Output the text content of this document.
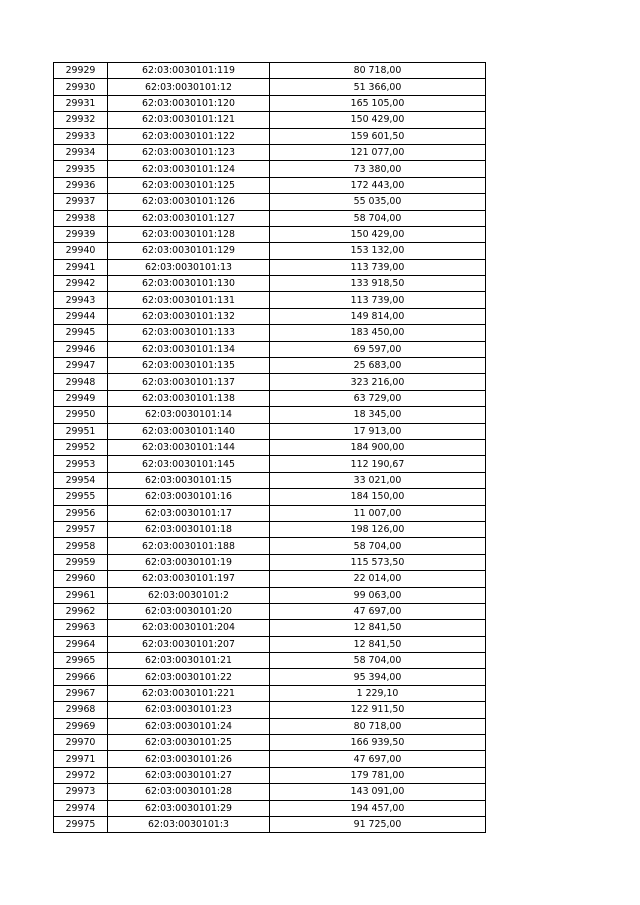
29929	62:03:0030101:119	80 718,00
29930	62:03:0030101:12	51 366,00
29931	62:03:0030101:120	165 105,00
29932	62:03:0030101:121	150 429,00
29933	62:03:0030101:122	159 601,50
29934	62:03:0030101:123	121 077,00
29935	62:03:0030101:124	73 380,00
29936	62:03:0030101:125	172 443,00
29937	62:03:0030101:126	55 035,00
29938	62:03:0030101:127	58 704,00
29939	62:03:0030101:128	150 429,00
29940	62:03:0030101:129	153 132,00
29941	62:03:0030101:13	113 739,00
29942	62:03:0030101:130	133 918,50
29943	62:03:0030101:131	113 739,00
29944	62:03:0030101:132	149 814,00
29945	62:03:0030101:133	183 450,00
29946	62:03:0030101:134	69 597,00
29947	62:03:0030101:135	25 683,00
29948	62:03:0030101:137	323 216,00
29949	62:03:0030101:138	63 729,00
29950	62:03:0030101:14	18 345,00
29951	62:03:0030101:140	17 913,00
29952	62:03:0030101:144	184 900,00
29953	62:03:0030101:145	112 190,67
29954	62:03:0030101:15	33 021,00
29955	62:03:0030101:16	184 150,00
29956	62:03:0030101:17	11 007,00
29957	62:03:0030101:18	198 126,00
29958	62:03:0030101:188	58 704,00
29959	62:03:0030101:19	115 573,50
29960	62:03:0030101:197	22 014,00
29961	62:03:0030101:2	99 063,00
29962	62:03:0030101:20	47 697,00
29963	62:03:0030101:204	12 841,50
29964	62:03:0030101:207	12 841,50
29965	62:03:0030101:21	58 704,00
29966	62:03:0030101:22	95 394,00
29967	62:03:0030101:221	1 229,10
29968	62:03:0030101:23	122 911,50
29969	62:03:0030101:24	80 718,00
29970	62:03:0030101:25	166 939,50
29971	62:03:0030101:26	47 697,00
29972	62:03:0030101:27	179 781,00
29973	62:03:0030101:28	143 091,00
29974	62:03:0030101:29	194 457,00
29975	62:03:0030101:3	91 725,00
